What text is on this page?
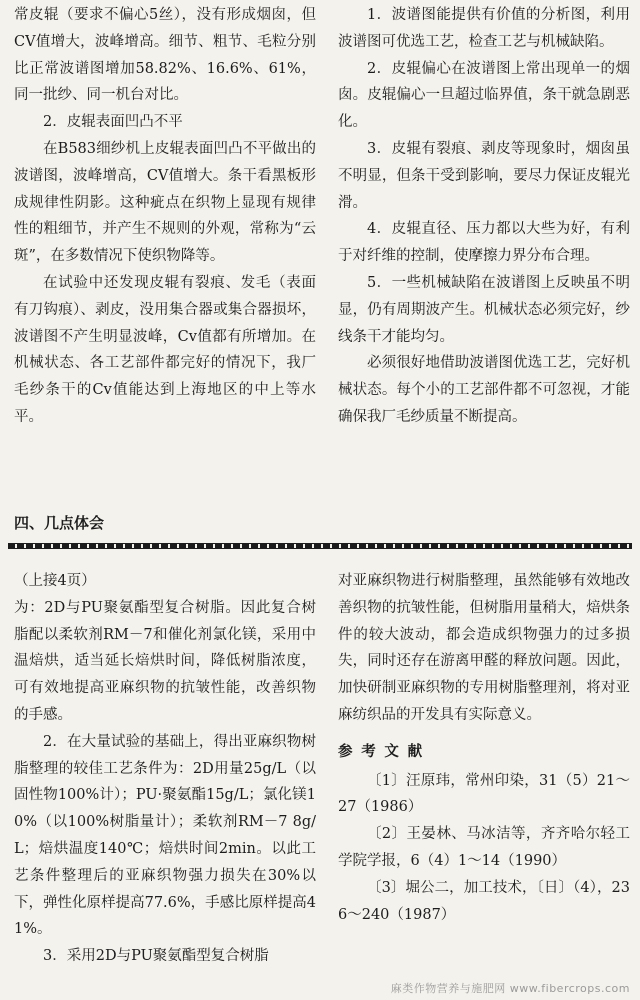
常皮辊（要求不偏心5丝），没有形成烟囱，但CV值增大，波峰增高。细节、粗节、毛粒分别比正常波谱图增加58.82%、16.6%、61%，同一批纱、同一机台对比。

2．皮辊表面凹凸不平

在B583细纱机上皮辊表面凹凸不平做出的波谱图，波峰增高，CV值增大。条干看黑板形成规律性阴影。这种疵点在织物上显现有规律性的粗细节，并产生不规则的外观，常称为“云斑”，在多数情况下使织物降等。

在试验中还发现皮辊有裂痕、发毛（表面有刀钩痕）、剥皮，没用集合器或集合器损坏，波谱图不产生明显波峰，Cv值都有所增加。在机械状态、各工艺部件都完好的情况下，我厂毛纱条干的Cv值能达到上海地区的中上等水平。

1．波谱图能提供有价值的分析图，利用波谱图可优选工艺，检查工艺与机械缺陷。

2．皮辊偏心在波谱图上常出现单一的烟囱。皮辊偏心一旦超过临界值，条干就急剧恶化。

3．皮辊有裂痕、剥皮等现象时，烟囱虽不明显，但条干受到影响，要尽力保证皮辊光滑。

4．皮辊直径、压力都以大些为好，有利于对纤维的控制，使摩擦力界分布合理。

5．一些机械缺陷在波谱图上反映虽不明显，仍有周期波产生。机械状态必须完好，纱线条干才能均匀。

必须很好地借助波谱图优选工艺，完好机械状态。每个小的工艺部件都不可忽视，才能确保我厂毛纱质量不断提高。

四、几点体会

（上接4页）

为：2D与PU聚氨酯型复合树脂。因此复合树脂配以柔软剂RM－7和催化剂氯化镁，采用中温焙烘，适当延长焙烘时间，降低树脂浓度，可有效地提高亚麻织物的抗皱性能，改善织物的手感。

2．在大量试验的基础上，得出亚麻织物树脂整理的较佳工艺条件为：2D用量25g/L（以固性物100%计）；PU·聚氨酯15g/L；氯化镁10%（以100%树脂量计）；柔软剂RM－7 8g/L；焙烘温度140℃；焙烘时间2min。以此工艺条件整理后的亚麻织物强力损失在30%以下，弹性化原样提高77.6%，手感比原样提高41%。

3．采用2D与PU聚氨酯型复合树脂

对亚麻织物进行树脂整理，虽然能够有效地改善织物的抗皱性能，但树脂用量稍大，焙烘条件的较大波动，都会造成织物强力的过多损失，同时还存在游离甲醛的释放问题。因此，加快研制亚麻织物的专用树脂整理剂，将对亚麻纺织品的开发具有实际意义。

参考文献

〔1〕汪原玮，常州印染，31（5）21～27（1986）

〔2〕王晏林、马冰洁等，齐齐哈尔轻工学院学报，6（4）1～14（1990）

〔3〕堀公二，加工技术，〔日〕（4），236～240（1987）

麻类作物营养与施肥网 www.fibercrops.com
